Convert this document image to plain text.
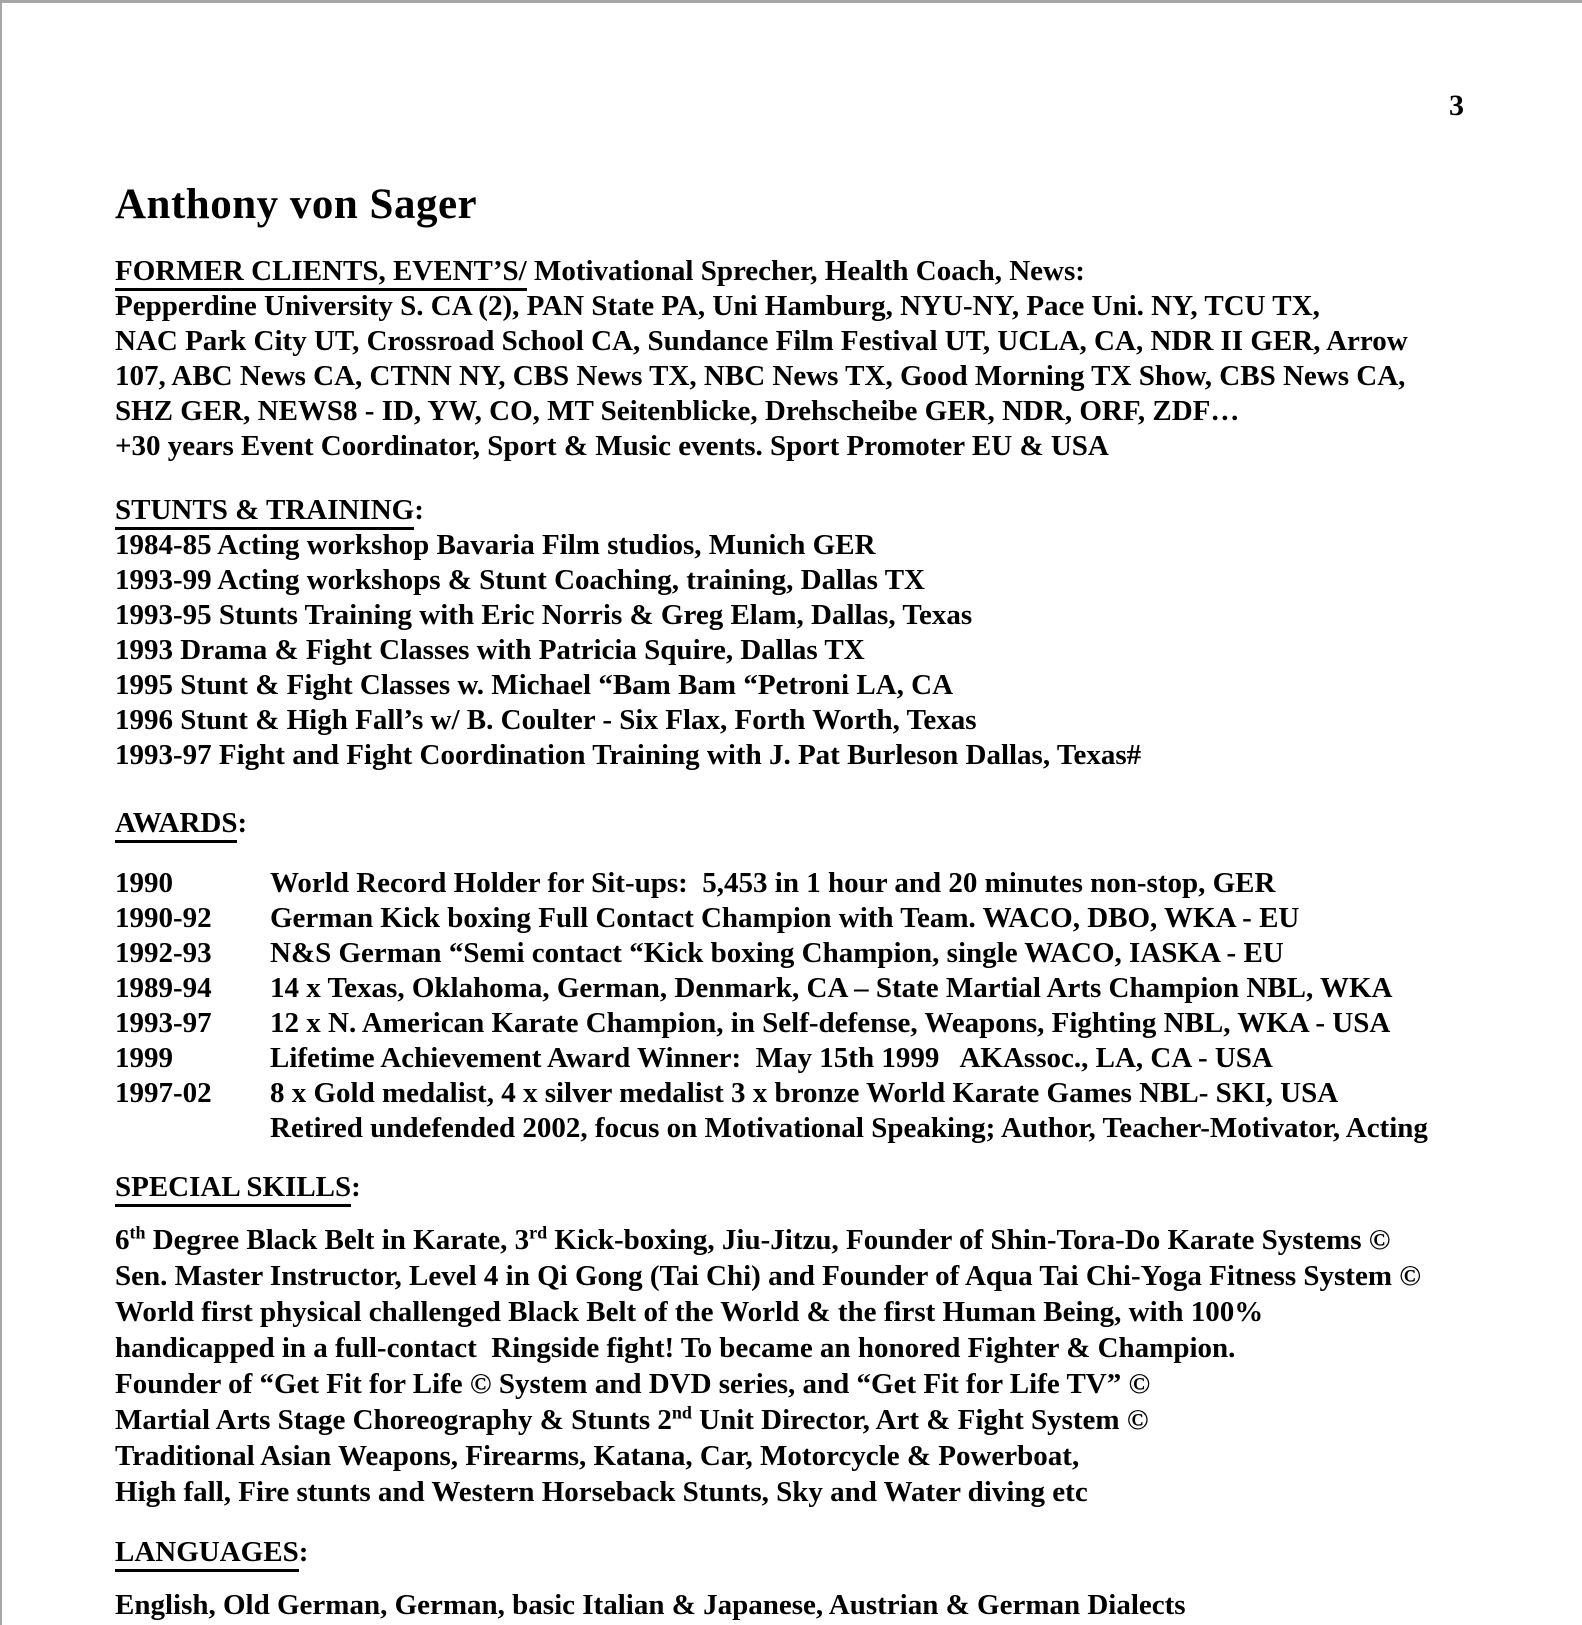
3
Anthony von Sager
FORMER CLIENTS, EVENT’S/ Motivational Sprecher, Health Coach, News:
Pepperdine University S. CA (2), PAN State PA, Uni Hamburg, NYU-NY, Pace Uni. NY, TCU TX,
NAC Park City UT, Crossroad School CA, Sundance Film Festival UT, UCLA, CA, NDR II GER, Arrow
107, ABC News CA, CTNN NY, CBS News TX, NBC News TX, Good Morning TX Show, CBS News CA,
SHZ GER, NEWS8 - ID, YW, CO, MT Seitenblicke, Drehscheibe GER, NDR, ORF, ZDF…
+30 years Event Coordinator, Sport & Music events. Sport Promoter EU & USA
STUNTS & TRAINING:
1984-85 Acting workshop Bavaria Film studios, Munich GER
1993-99 Acting workshops & Stunt Coaching, training, Dallas TX
1993-95 Stunts Training with Eric Norris & Greg Elam, Dallas, Texas
1993 Drama & Fight Classes with Patricia Squire, Dallas TX
1995 Stunt & Fight Classes w. Michael “Bam Bam “Petroni LA, CA
1996 Stunt & High Fall’s w/ B. Coulter - Six Flax, Forth Worth, Texas
1993-97 Fight and Fight Coordination Training with J. Pat Burleson Dallas, Texas#
AWARDS:
1990	World Record Holder for Sit-ups:  5,453 in 1 hour and 20 minutes non-stop, GER
1990-92	German Kick boxing Full Contact Champion with Team. WACO, DBO, WKA - EU
1992-93	N&S German “Semi contact “Kick boxing Champion, single WACO, IASKA - EU
1989-94	14 x Texas, Oklahoma, German, Denmark, CA – State Martial Arts Champion NBL, WKA
1993-97	12 x N. American Karate Champion, in Self-defense, Weapons, Fighting NBL, WKA - USA
1999	Lifetime Achievement Award Winner:  May 15th 1999   AKAssoc., LA, CA - USA
1997-02	8 x Gold medalist, 4 x silver medalist 3 x bronze World Karate Games NBL- SKI, USA
Retired undefended 2002, focus on Motivational Speaking; Author, Teacher-Motivator, Acting
SPECIAL SKILLS:
6th Degree Black Belt in Karate, 3rd Kick-boxing, Jiu-Jitzu, Founder of Shin-Tora-Do Karate Systems ©
Sen. Master Instructor, Level 4 in Qi Gong (Tai Chi) and Founder of Aqua Tai Chi-Yoga Fitness System ©
World first physical challenged Black Belt of the World & the first Human Being, with 100%
handicapped in a full-contact  Ringside fight! To became an honored Fighter & Champion.
Founder of “Get Fit for Life © System and DVD series, and “Get Fit for Life TV” ©
Martial Arts Stage Choreography & Stunts 2nd Unit Director, Art & Fight System ©
Traditional Asian Weapons, Firearms, Katana, Car, Motorcycle & Powerboat,
High fall, Fire stunts and Western Horseback Stunts, Sky and Water diving etc
LANGUAGES:
English, Old German, German, basic Italian & Japanese, Austrian & German Dialects
